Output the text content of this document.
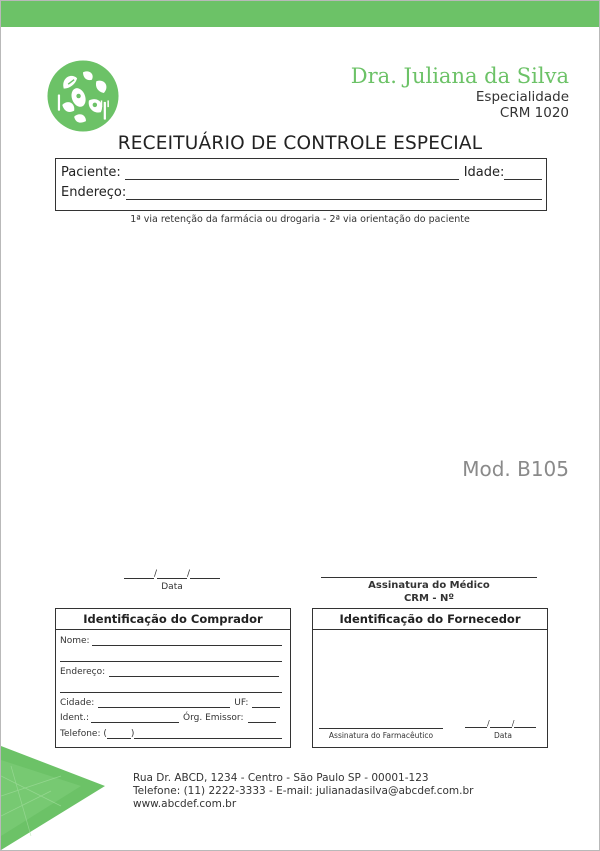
Dra. Juliana da Silva
Especialidade
CRM 1020
RECEITUÁRIO DE CONTROLE ESPECIAL
Paciente:	Idade:
Endereço:
1ª via retenção da farmácia ou drogaria - 2ª via orientação do paciente
Mod. B105
/	/
Data	Assinatura do Médico
CRM - Nº
Identificação do Comprador
Nome:
Endereço:
Cidade:	UF:
Ident.:	Órg. Emissor:
Telefone: (	)
Identificação do Fornecedor
Assinatura do Farmacêutico
/	/
Data
Rua Dr. ABCD, 1234 - Centro - São Paulo SP - 00001-123
Telefone: (11) 2222-3333 - E-mail: julianadasilva@abcdef.com.br
www.abcdef.com.br
